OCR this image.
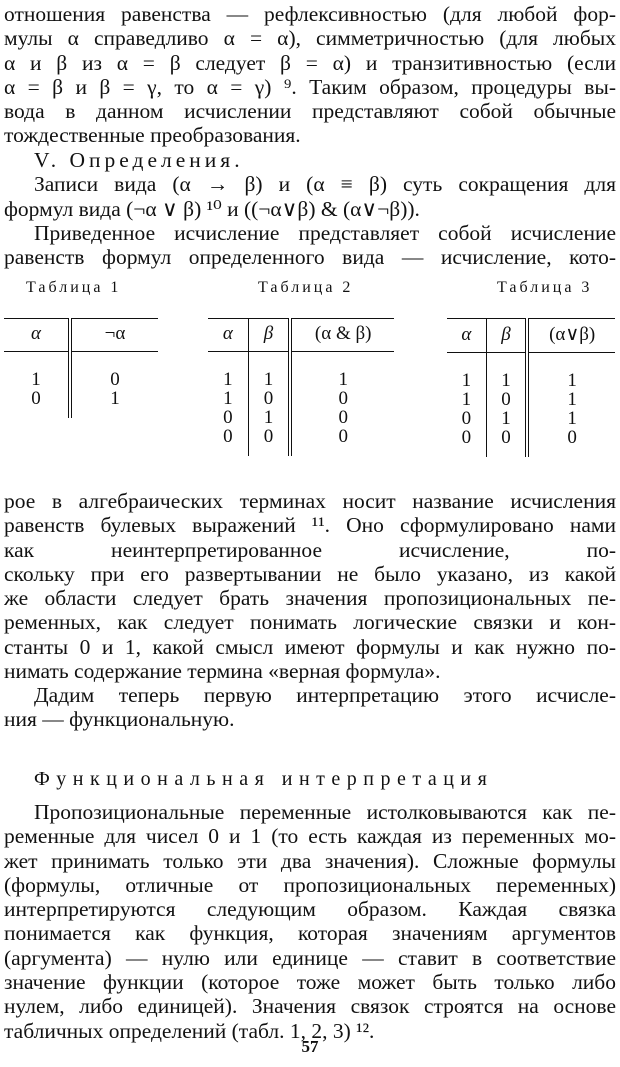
отношения равенства — рефлексивностью (для любой фор-
мулы α справедливо α = α), симметричностью (для любых
α и β из α = β следует β = α) и транзитивностью (если
α = β и β = γ, то α = γ) ⁹. Таким образом, процедуры вы-
вода в данном исчислении представляют собой обычные
тождественные преобразования.
V. Определения.
Записи вида (α → β) и (α ≡ β) суть сокращения для
формул вида (¬α ∨ β) ¹⁰ и ((¬α∨β) & (α∨¬β)).
Приведенное исчисление представляет собой исчисление
равенств формул определенного вида — исчисление, кото-
Таблица 1	Таблица 2	Таблица 3
α	¬α
1	0
0	1
α	β	(α & β)
1	1	1
1	0	0
0	1	0
0	0	0
α	β	(α∨β)
1	1	1
1	0	1
0	1	1
0	0	0
рое в алгебраических терминах носит название исчисления
равенств булевых выражений ¹¹. Оно сформулировано нами
как неинтерпретированное исчисление, по-
скольку при его развертывании не было указано, из какой
же области следует брать значения пропозициональных пе-
ременных, как следует понимать логические связки и кон-
станты 0 и 1, какой смысл имеют формулы и как нужно по-
нимать содержание термина «верная формула».
Дадим теперь первую интерпретацию этого исчисле-
ния — функциональную.
Функциональная интерпретация
Пропозициональные переменные истолковываются как пе-
ременные для чисел 0 и 1 (то есть каждая из переменных мо-
жет принимать только эти два значения). Сложные формулы
(формулы, отличные от пропозициональных переменных)
интерпретируются следующим образом. Каждая связка
понимается как функция, которая значениям аргументов
(аргумента) — нулю или единице — ставит в соответствие
значение функции (которое тоже может быть только либо
нулем, либо единицей). Значения связок строятся на основе
табличных определений (табл. 1, 2, 3) ¹².
57
